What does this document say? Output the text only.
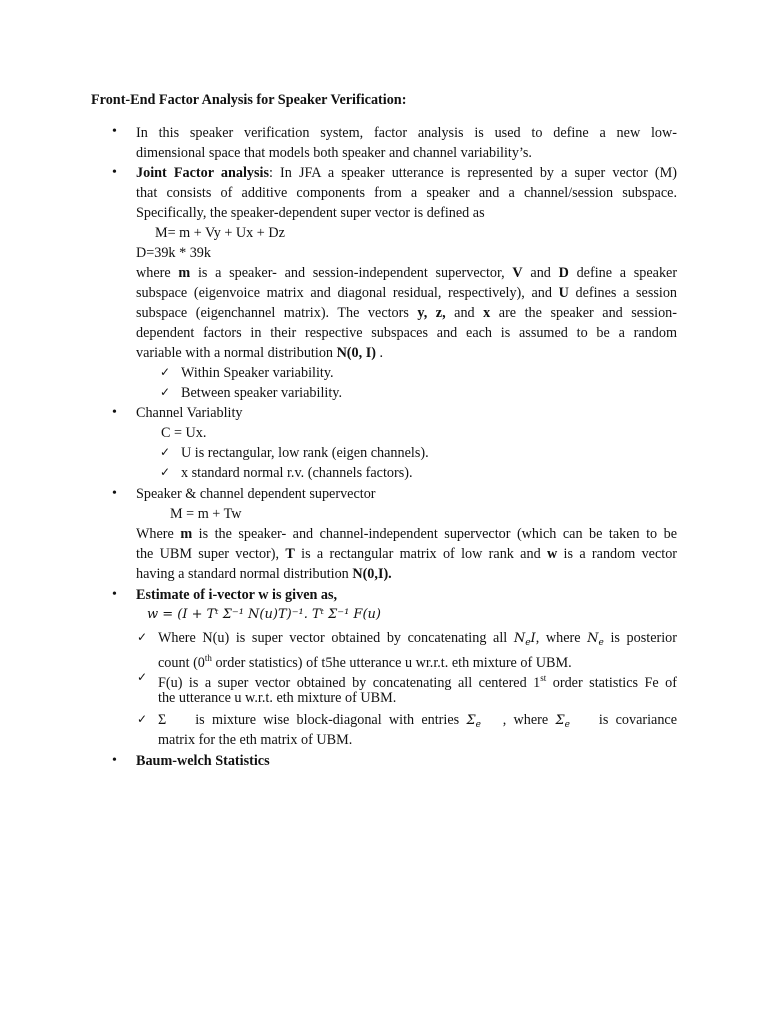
Front-End Factor Analysis for Speaker Verification:
•	In this speaker verification system, factor analysis is used to define a new low-
dimensional space that models both speaker and channel variability’s.
•	Joint Factor analysis: In JFA a speaker utterance is represented by a super vector (M)
that consists of additive components from a speaker and a channel/session subspace.
Specifically, the speaker-dependent super vector is defined as
M= m + Vy + Ux + Dz
D=39k * 39k
where m is a speaker- and session-independent supervector, V and D define a speaker
subspace (eigenvoice matrix and diagonal residual, respectively), and U defines a session
subspace (eigenchannel matrix). The vectors y, z, and x are the speaker and session-
dependent factors in their respective subspaces and each is assumed to be a random
variable with a normal distribution N(0, I) .
✓ Within Speaker variability.
✓ Between speaker variability.
•	Channel Variablity
C = Ux.
✓ U is rectangular, low rank (eigen channels).
✓ x standard normal r.v. (channels factors).
•	Speaker & channel dependent supervector
M = m + Tw
Where m is the speaker- and channel-independent supervector (which can be taken to be
the UBM super vector), T is a rectangular matrix of low rank and w is a random vector
having a standard normal distribution N(0,I).
•	Estimate of i-vector w is given as,
w = (I + Tᵗ Σ⁻¹ N(u)T)⁻¹. Tᵗ Σ⁻¹ F(u)
✓ Where N(u) is super vector obtained by concatenating all $N_eI$, where $N_e$ is posterior
count (0th order statistics) of t5he utterance u wr.r.t. eth mixture of UBM.
✓ F(u) is a super vector obtained by concatenating all centered 1st order statistics Fe of
the utterance u w.r.t. eth mixture of UBM.
✓ Σ is mixture wise block-diagonal with entries $\Sigma_e$ , where $\Sigma_e$ is covariance
matrix for the eth matrix of UBM.
•	Baum-welch Statistics
